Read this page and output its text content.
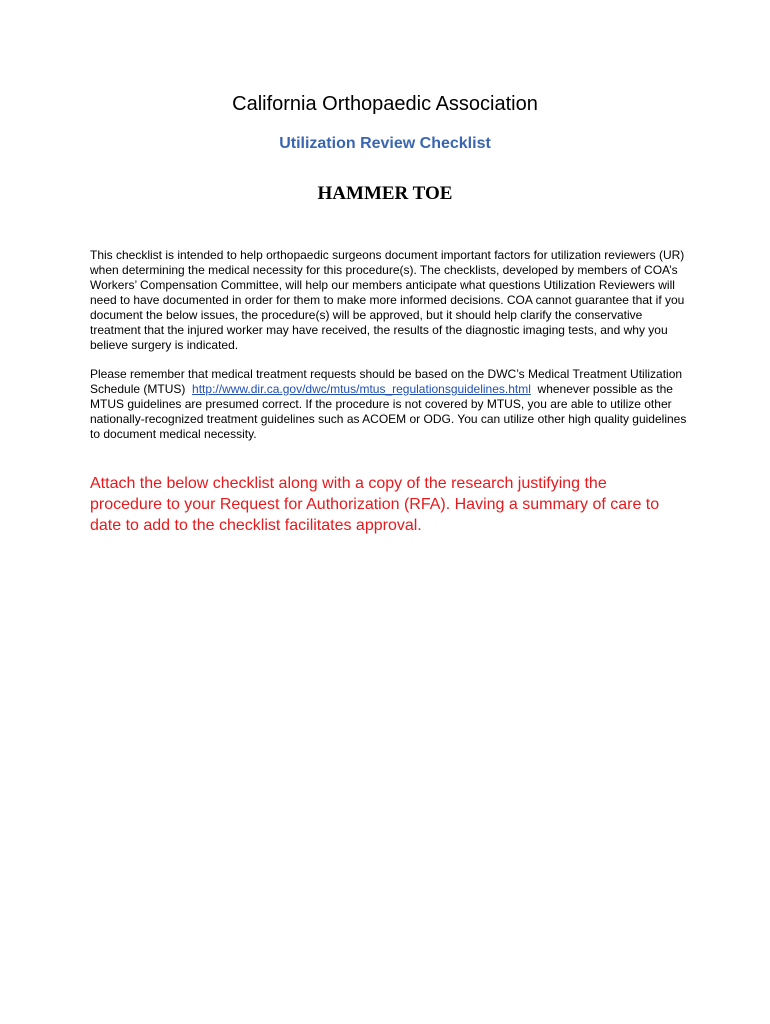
California Orthopaedic Association
Utilization Review Checklist
HAMMER TOE

This checklist is intended to help orthopaedic surgeons document important factors for utilization reviewers (UR) when determining the medical necessity for this procedure(s). The checklists, developed by members of COA’s Workers’ Compensation Committee, will help our members anticipate what questions Utilization Reviewers will need to have documented in order for them to make more informed decisions. COA cannot guarantee that if you document the below issues, the procedure(s) will be approved, but it should help clarify the conservative treatment that the injured worker may have received, the results of the diagnostic imaging tests, and why you believe surgery is indicated.

Please remember that medical treatment requests should be based on the DWC’s Medical Treatment Utilization Schedule (MTUS) http://www.dir.ca.gov/dwc/mtus/mtus_regulationsguidelines.html whenever possible as the MTUS guidelines are presumed correct. If the procedure is not covered by MTUS, you are able to utilize other nationally-recognized treatment guidelines such as ACOEM or ODG. You can utilize other high quality guidelines to document medical necessity.

Attach the below checklist along with a copy of the research justifying the procedure to your Request for Authorization (RFA). Having a summary of care to date to add to the checklist facilitates approval.
